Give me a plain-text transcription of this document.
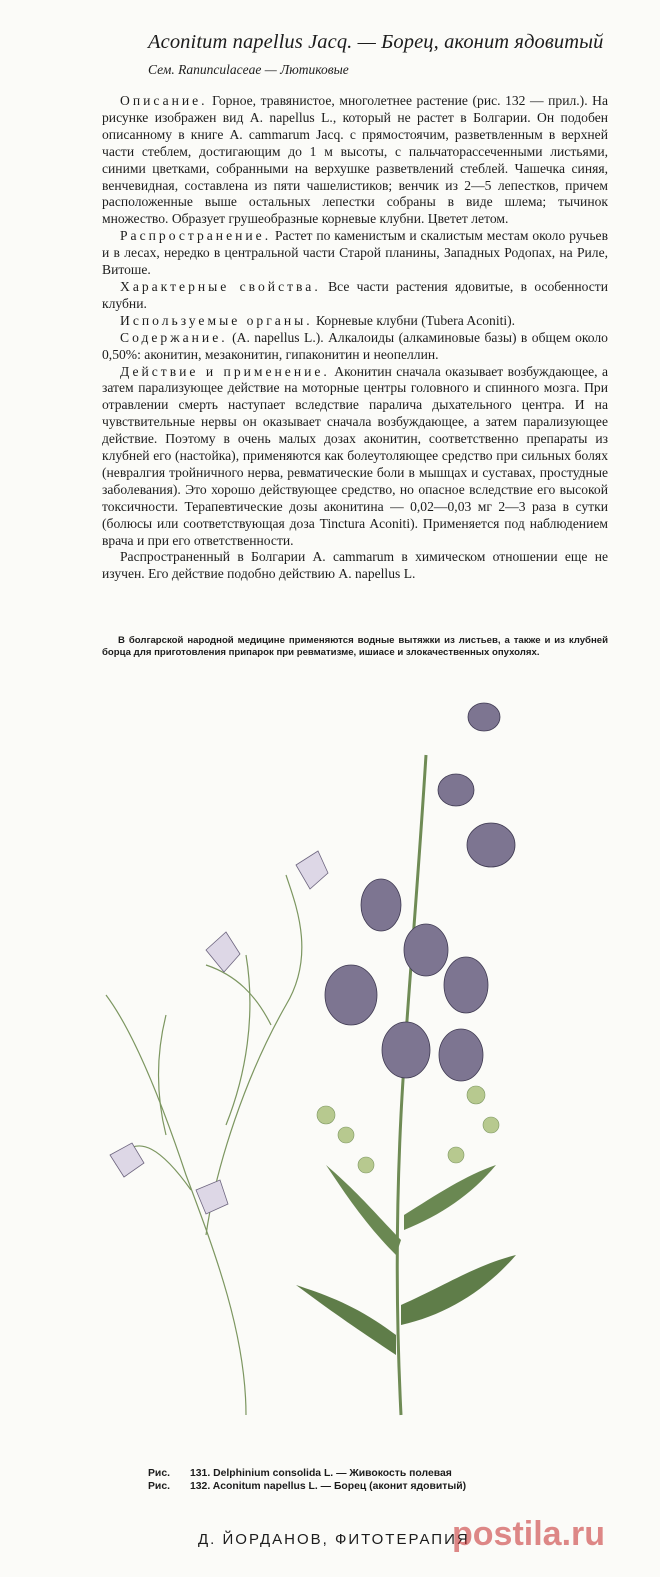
Aconitum napellus Jacq. — Борец, аконит ядовитый
Сем. Ranunculaceae — Лютиковые

Описание. Горное, травянистое, многолетнее растение (рис. 132 — прил.). На рисунке изображен вид A. napellus L., который не растет в Болгарии. Он подобен описанному в книге A. cammarum Jacq. с прямостоячим, разветвленным в верхней части стеблем, достигающим до 1 м высоты, с пальчаторассеченными листьями, синими цветками, собранными на верхушке разветвлений стеблей. Чашечка синяя, венчевидная, составлена из пяти чашелистиков; венчик из 2—5 лепестков, причем расположенные выше остальных лепестки собраны в виде шлема; тычинок множество. Образует грушеобразные корневые клубни. Цветет летом.

Распространение. Растет по каменистым и скалистым местам около ручьев и в лесах, нередко в центральной части Старой планины, Западных Родопах, на Риле, Витоше.

Характерные свойства. Все части растения ядовитые, в особенности клубни.

Используемые органы. Корневые клубни (Tubera Aconiti).

Содержание. (A. napellus L.). Алкалоиды (алкаминовые базы) в общем около 0,50%: аконитин, мезаконитин, гипаконитин и неопеллин.

Действие и применение. Аконитин сначала оказывает возбуждающее, а затем парализующее действие на моторные центры головного и спинного мозга. При отравлении смерть наступает вследствие паралича дыхательного центра. И на чувствительные нервы он оказывает сначала возбуждающее, а затем парализующее действие. Поэтому в очень малых дозах аконитин, соответственно препараты из клубней его (настойка), применяются как болеутоляющее средство при сильных болях (невралгия тройничного нерва, ревматические боли в мышцах и суставах, простудные заболевания). Это хорошо действующее средство, но опасное вследствие его высокой токсичности. Терапевтические дозы аконитина — 0,02—0,03 мг 2—3 раза в сутки (болюсы или соответствующая доза Tinctura Aconiti). Применяется под наблюдением врача и при его ответственности.

Распространенный в Болгарии A. cammarum в химическом отношении еще не изучен. Его действие подобно действию A. napellus L.

В болгарской народной медицине применяются водные вытяжки из листьев, а также и из клубней борца для приготовления припарок при ревматизме, ишиасе и злокачественных опухолях.
Рис. 131. Delphinium consolida L. — Живокость полевая
Рис. 132. Aconitum napellus L. — Борец (аконит ядовитый)
Д. ЙОРДАНОВ, ФИТОТЕРАПИЯ
postila.ru
